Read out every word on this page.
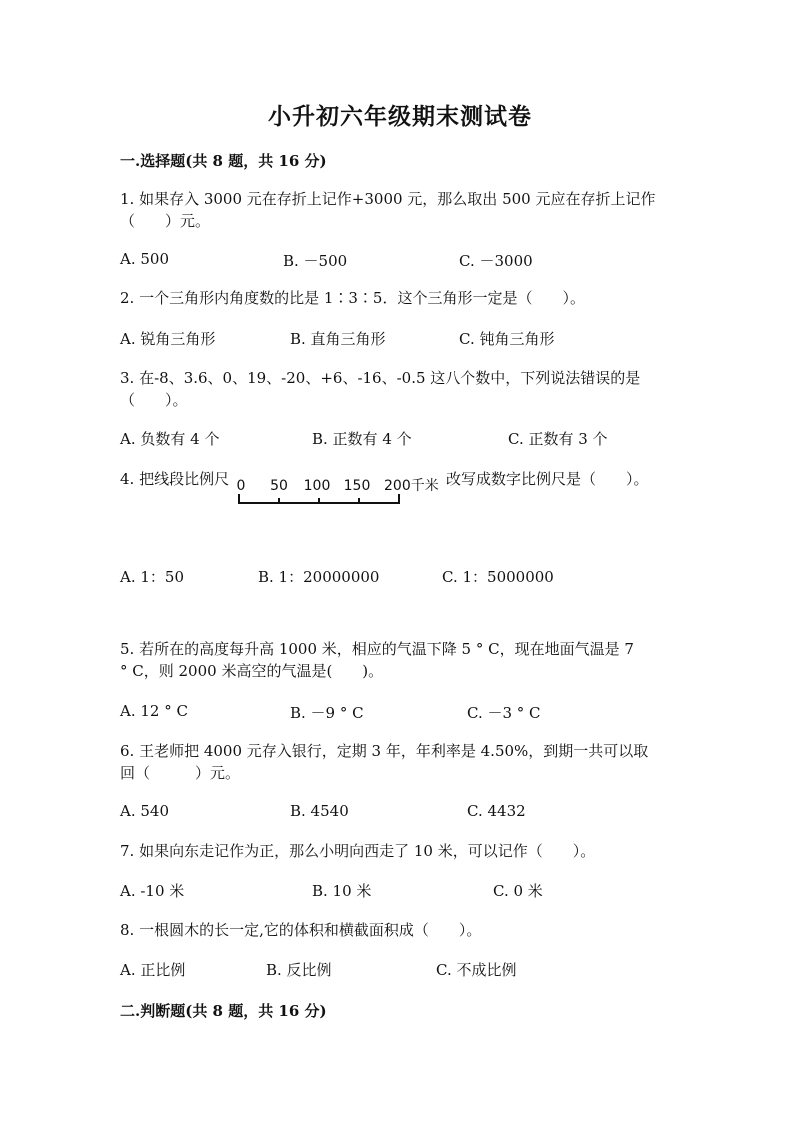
小升初六年级期末测试卷
一.选择题(共 8 题，共 16 分)
1. 如果存入 3000 元在存折上记作+3000 元，那么取出 500 元应在存折上记作
（　　）元。
A. 500	B. －500	C. －3000
2. 一个三角形内角度数的比是 1∶3∶5．这个三角形一定是（　　）。
A. 锐角三角形	B. 直角三角形	C. 钝角三角形
3. 在-8、3.6、0、19、-20、+6、-16、-0.5 这八个数中，下列说法错误的是
（　　）。
A. 负数有 4 个	B. 正数有 4 个	C. 正数有 3 个
4. 把线段比例尺 0 50 100 150 200千米 改写成数字比例尺是（　　）。
A. 1：50	B. 1：20000000	C. 1：5000000
5. 若所在的高度每升高 1000 米，相应的气温下降 5 ° C，现在地面气温是 7
° C，则 2000 米高空的气温是(　　)。
A. 12 ° C	B. －9 ° C	C. －3 ° C
6. 王老师把 4000 元存入银行，定期 3 年，年利率是 4.50%，到期一共可以取
回（　　　）元。
A. 540	B. 4540	C. 4432
7. 如果向东走记作为正，那么小明向西走了 10 米，可以记作（　　）。
A. -10 米	B. 10 米	C. 0 米
8. 一根圆木的长一定,它的体积和横截面积成（　　）。
A. 正比例	B. 反比例	C. 不成比例
二.判断题(共 8 题，共 16 分)
